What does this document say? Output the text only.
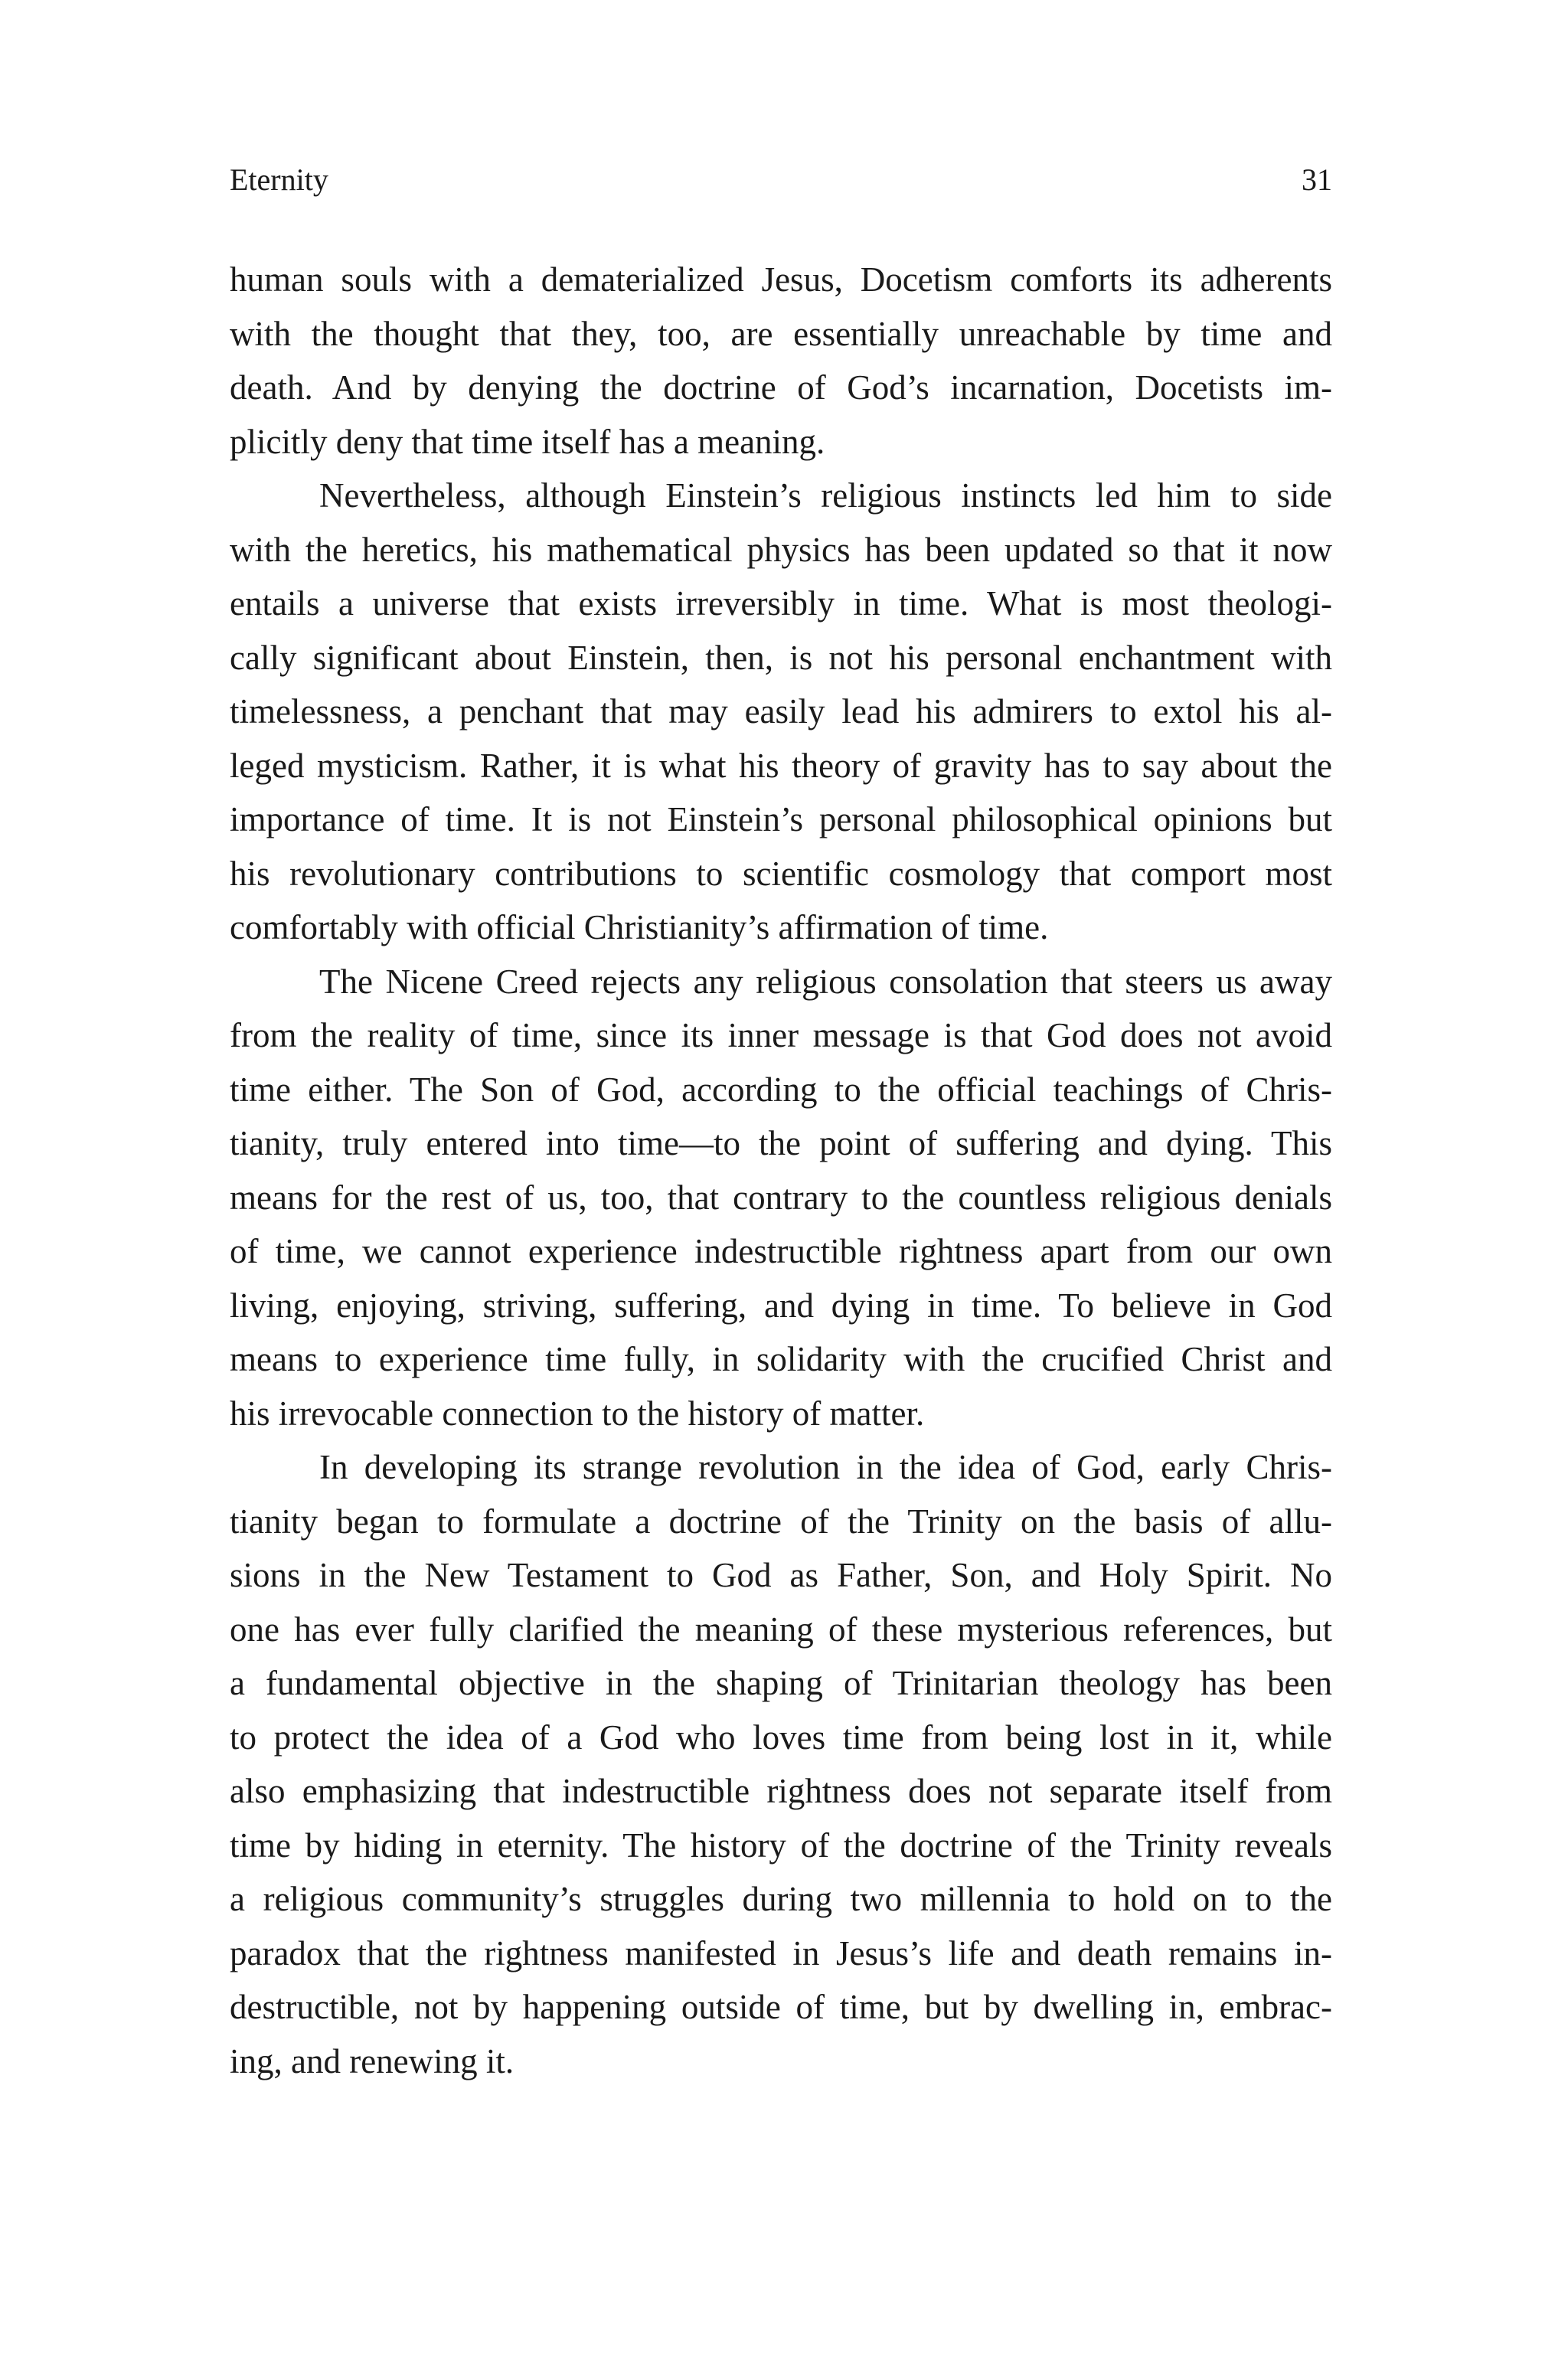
Eternity	31
human souls with a dematerialized Jesus, Docetism comforts its adherents
with the thought that they, too, are essentially unreachable by time and
death. And by denying the doctrine of God’s incarnation, Docetists im-
plicitly deny that time itself has a meaning.
Nevertheless, although Einstein’s religious instincts led him to side
with the heretics, his mathematical physics has been updated so that it now
entails a universe that exists irreversibly in time. What is most theologi-
cally significant about Einstein, then, is not his personal enchantment with
timelessness, a penchant that may easily lead his admirers to extol his al-
leged mysticism. Rather, it is what his theory of gravity has to say about the
importance of time. It is not Einstein’s personal philosophical opinions but
his revolutionary contributions to scientific cosmology that comport most
comfortably with official Christianity’s affirmation of time.
The Nicene Creed rejects any religious consolation that steers us away
from the reality of time, since its inner message is that God does not avoid
time either. The Son of God, according to the official teachings of Chris-
tianity, truly entered into time—to the point of suffering and dying. This
means for the rest of us, too, that contrary to the countless religious denials
of time, we cannot experience indestructible rightness apart from our own
living, enjoying, striving, suffering, and dying in time. To believe in God
means to experience time fully, in solidarity with the crucified Christ and
his irrevocable connection to the history of matter.
In developing its strange revolution in the idea of God, early Chris-
tianity began to formulate a doctrine of the Trinity on the basis of allu-
sions in the New Testament to God as Father, Son, and Holy Spirit. No
one has ever fully clarified the meaning of these mysterious references, but
a fundamental objective in the shaping of Trinitarian theology has been
to protect the idea of a God who loves time from being lost in it, while
also emphasizing that indestructible rightness does not separate itself from
time by hiding in eternity. The history of the doctrine of the Trinity reveals
a religious community’s struggles during two millennia to hold on to the
paradox that the rightness manifested in Jesus’s life and death remains in-
destructible, not by happening outside of time, but by dwelling in, embrac-
ing, and renewing it.
